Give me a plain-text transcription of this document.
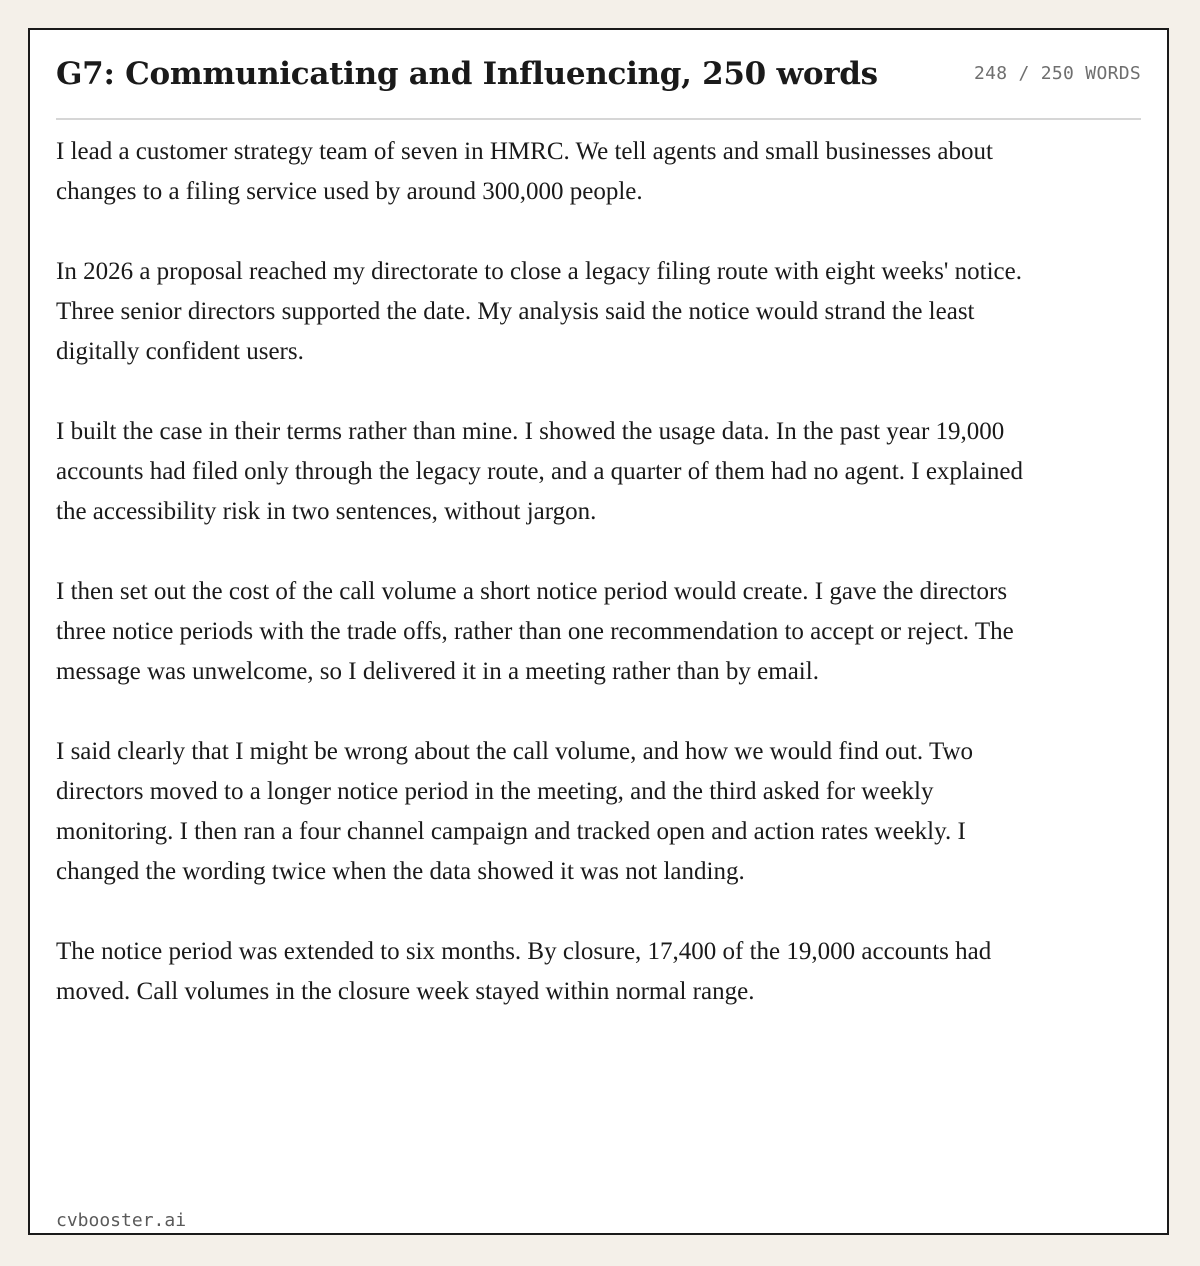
G7: Communicating and Influencing, 250 words	248 / 250 WORDS

I lead a customer strategy team of seven in HMRC. We tell agents and small businesses about changes to a filing service used by around 300,000 people.

In 2026 a proposal reached my directorate to close a legacy filing route with eight weeks' notice. Three senior directors supported the date. My analysis said the notice would strand the least digitally confident users.

I built the case in their terms rather than mine. I showed the usage data. In the past year 19,000 accounts had filed only through the legacy route, and a quarter of them had no agent. I explained the accessibility risk in two sentences, without jargon.

I then set out the cost of the call volume a short notice period would create. I gave the directors three notice periods with the trade offs, rather than one recommendation to accept or reject. The message was unwelcome, so I delivered it in a meeting rather than by email.

I said clearly that I might be wrong about the call volume, and how we would find out. Two directors moved to a longer notice period in the meeting, and the third asked for weekly monitoring. I then ran a four channel campaign and tracked open and action rates weekly. I changed the wording twice when the data showed it was not landing.

The notice period was extended to six months. By closure, 17,400 of the 19,000 accounts had moved. Call volumes in the closure week stayed within normal range.

cvbooster.ai
